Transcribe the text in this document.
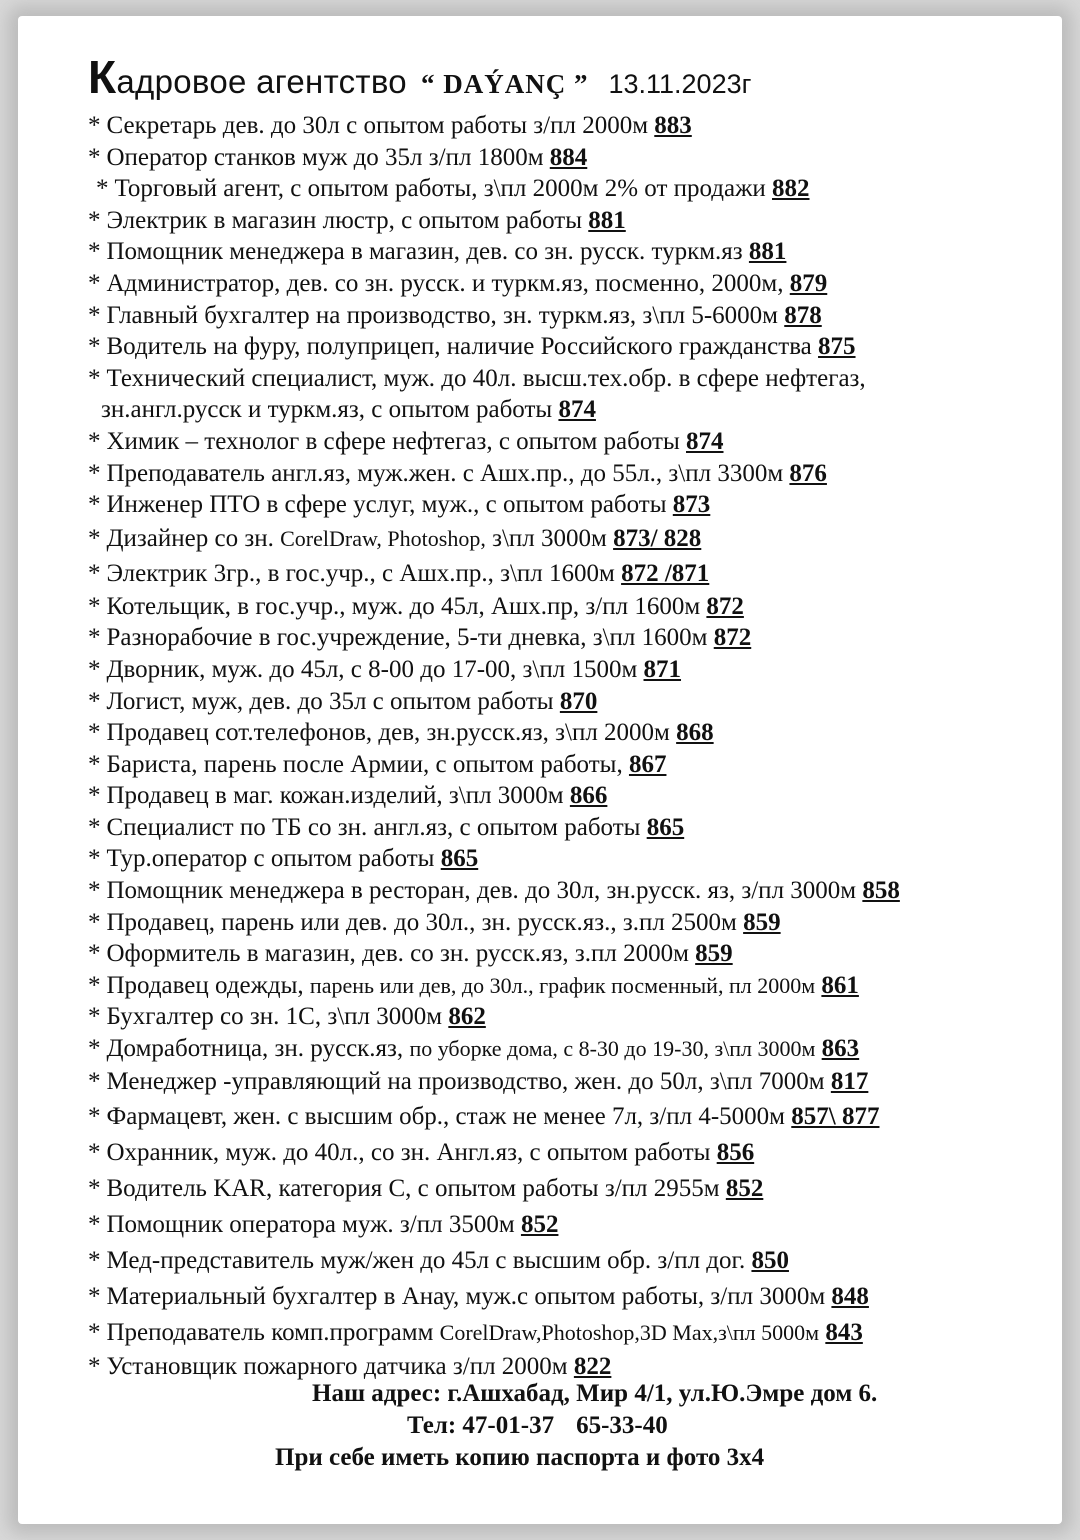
Кадровое агентство “ DAÝANÇ ” 13.11.2023г
* Секретарь дев. до 30л с опытом работы з/пл 2000м 883
* Оператор станков муж до 35л з/пл 1800м 884
* Торговый агент, с опытом работы, з\пл 2000м 2% от продажи 882
* Электрик в магазин люстр, с опытом работы 881
* Помощник менеджера в магазин, дев. со зн. русск. туркм.яз 881
* Администратор, дев. со зн. русск. и туркм.яз, посменно, 2000м, 879
* Главный бухгалтер на производство, зн. туркм.яз, з\пл 5-6000м 878
* Водитель на фуру, полуприцеп, наличие Российского гражданства 875
* Технический специалист, муж. до 40л. высш.тех.обр. в сфере нефтегаз,
зн.англ.русск и туркм.яз, с опытом работы 874
* Химик – технолог в сфере нефтегаз, с опытом работы 874
* Преподаватель англ.яз, муж.жен. с Ашх.пр., до 55л., з\пл 3300м 876
* Инженер ПТО в сфере услуг, муж., с опытом работы 873
* Дизайнер со зн. CorelDraw, Photoshop, з\пл 3000м 873/ 828
* Электрик 3гр., в гос.учр., с Ашх.пр., з\пл 1600м 872 /871
* Котельщик, в гос.учр., муж. до 45л, Ашх.пр, з/пл 1600м 872
* Разнорабочие в гос.учреждение, 5-ти дневка, з\пл 1600м 872
* Дворник, муж. до 45л, с 8-00 до 17-00, з\пл 1500м 871
* Логист, муж, дев. до 35л с опытом работы 870
* Продавец сот.телефонов, дев, зн.русск.яз, з\пл 2000м 868
* Бариста, парень после Армии, с опытом работы, 867
* Продавец в маг. кожан.изделий, з\пл 3000м 866
* Специалист по ТБ со зн. англ.яз, с опытом работы 865
* Тур.оператор с опытом работы 865
* Помощник менеджера в ресторан, дев. до 30л, зн.русск. яз, з/пл 3000м 858
* Продавец, парень или дев. до 30л., зн. русск.яз., з.пл 2500м 859
* Оформитель в магазин, дев. со зн. русск.яз, з.пл 2000м 859
* Продавец одежды, парень или дев, до 30л., график посменный, пл 2000м 861
* Бухгалтер со зн. 1С, з\пл 3000м 862
* Домработница, зн. русск.яз, по уборке дома, с 8-30 до 19-30, з\пл 3000м 863
* Менеджер -управляющий на производство, жен. до 50л, з\пл 7000м 817
* Фармацевт, жен. с высшим обр., стаж не менее 7л, з/пл 4-5000м 857\ 877
* Охранник, муж. до 40л., со зн. Англ.яз, с опытом работы 856
* Водитель KAR, категория С, с опытом работы з/пл 2955м 852
* Помощник оператора муж. з/пл 3500м 852
* Мед-представитель муж/жен до 45л с высшим обр. з/пл дог. 850
* Материальный бухгалтер в Анау, муж.с опытом работы, з/пл 3000м 848
* Преподаватель комп.программ CorelDraw,Photoshop,3D Max,з\пл 5000м 843
* Установщик пожарного датчика з/пл 2000м 822
Наш адрес: г.Ашхабад, Мир 4/1, ул.Ю.Эмре дом 6.
Тел: 47-01-37 65-33-40
При себе иметь копию паспорта и фото 3х4
